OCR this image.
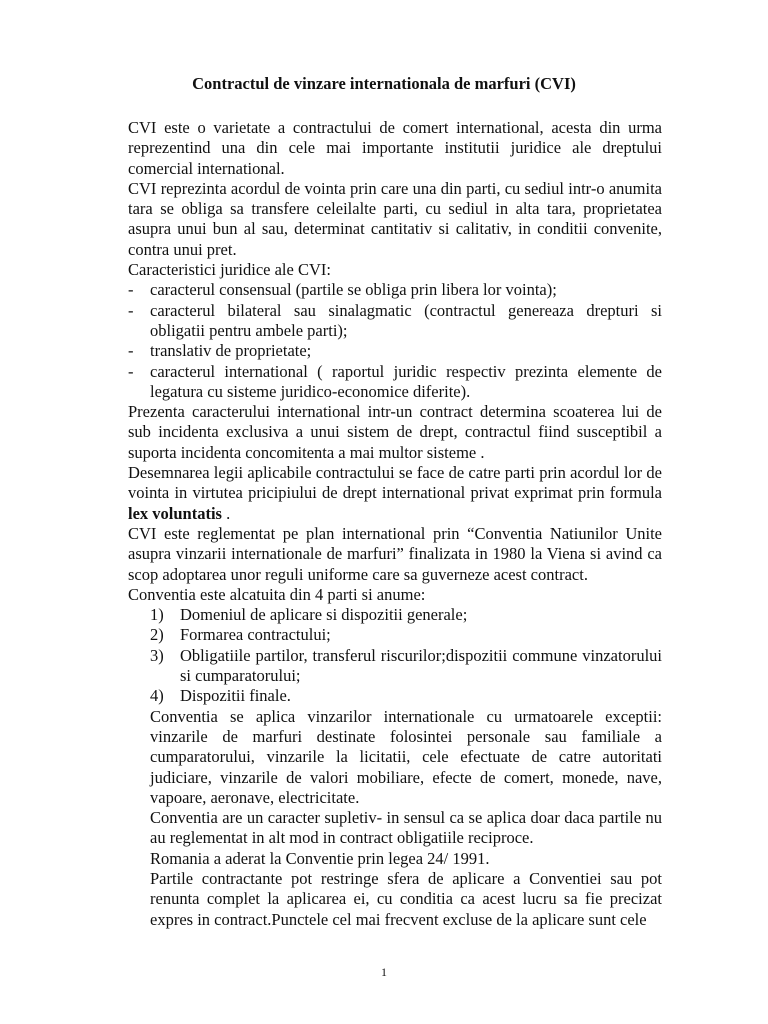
Contractul de vinzare internationala de marfuri (CVI)

CVI este o varietate a contractului de comert international, acesta din urma reprezentind una din cele mai importante institutii juridice ale dreptului comercial international.

CVI reprezinta acordul de vointa prin care una din parti, cu sediul intr-o anumita tara se obliga sa transfere celeilalte parti, cu sediul in alta tara, proprietatea asupra unui bun al sau, determinat cantitativ si calitativ, in conditii convenite, contra unui pret.

Caracteristici juridice ale CVI:

- caracterul consensual (partile se obliga prin libera lor vointa);
- caracterul bilateral sau sinalagmatic (contractul genereaza drepturi si obligatii pentru ambele parti);
- translativ de proprietate;
- caracterul international ( raportul juridic respectiv prezinta elemente de legatura cu sisteme juridico-economice diferite).

Prezenta caracterului international intr-un contract determina scoaterea lui de sub incidenta exclusiva a unui sistem de drept, contractul fiind susceptibil a suporta incidenta concomitenta a mai multor sisteme .

Desemnarea legii aplicabile contractului se face de catre parti prin acordul lor de vointa in virtutea pricipiului de drept international privat exprimat prin formula lex voluntatis .

CVI este reglementat pe plan international prin “Conventia Natiunilor Unite asupra vinzarii internationale de marfuri” finalizata in 1980 la Viena si avind ca scop adoptarea unor reguli uniforme care sa guverneze acest contract.

Conventia este alcatuita din 4 parti si anume:

1) Domeniul de aplicare si dispozitii generale;
2) Formarea contractului;
3) Obligatiile partilor, transferul riscurilor;dispozitii commune vinzatorului si cumparatorului;
4) Dispozitii finale.

Conventia se aplica vinzarilor internationale cu urmatoarele exceptii: vinzarile de marfuri destinate folosintei personale sau familiale a cumparatorului, vinzarile la licitatii, cele efectuate de catre autoritati judiciare, vinzarile de valori mobiliare, efecte de comert, monede, nave, vapoare, aeronave, electricitate.

Conventia are un caracter supletiv- in sensul ca se aplica doar daca partile nu au reglementat in alt mod in contract obligatiile reciproce.

Romania a aderat la Conventie prin legea 24/ 1991.

Partile contractante pot restringe sfera de aplicare a Conventiei sau pot renunta complet la aplicarea ei, cu conditia ca acest lucru sa fie precizat expres in contract.Punctele cel mai frecvent excluse de la aplicare sunt cele

1
